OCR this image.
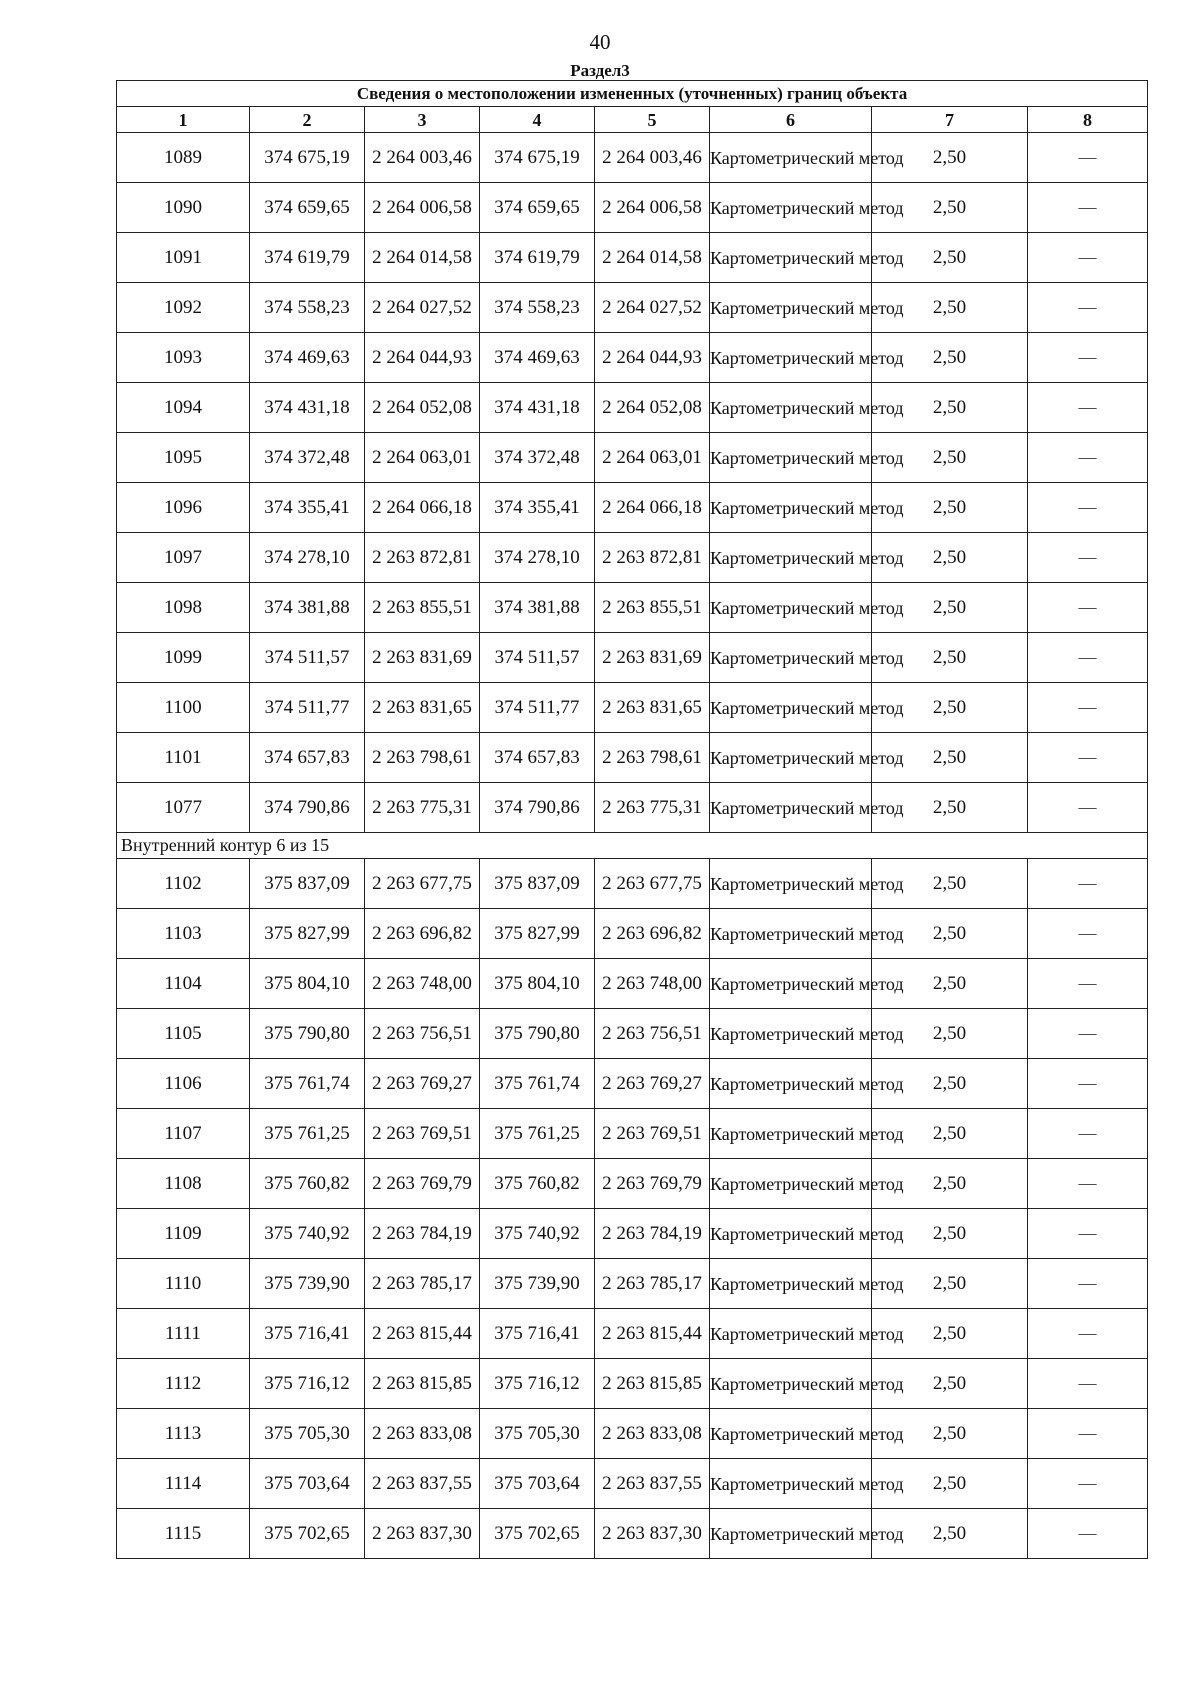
40
Раздел3
Сведения о местоположении измененных (уточненных) границ объекта							
1	2	3	4	5	6	7	8
1089	374 675,19	2 264 003,46	374 675,19	2 264 003,46	Картометрический метод	2,50	—
1090	374 659,65	2 264 006,58	374 659,65	2 264 006,58	Картометрический метод	2,50	—
1091	374 619,79	2 264 014,58	374 619,79	2 264 014,58	Картометрический метод	2,50	—
1092	374 558,23	2 264 027,52	374 558,23	2 264 027,52	Картометрический метод	2,50	—
1093	374 469,63	2 264 044,93	374 469,63	2 264 044,93	Картометрический метод	2,50	—
1094	374 431,18	2 264 052,08	374 431,18	2 264 052,08	Картометрический метод	2,50	—
1095	374 372,48	2 264 063,01	374 372,48	2 264 063,01	Картометрический метод	2,50	—
1096	374 355,41	2 264 066,18	374 355,41	2 264 066,18	Картометрический метод	2,50	—
1097	374 278,10	2 263 872,81	374 278,10	2 263 872,81	Картометрический метод	2,50	—
1098	374 381,88	2 263 855,51	374 381,88	2 263 855,51	Картометрический метод	2,50	—
1099	374 511,57	2 263 831,69	374 511,57	2 263 831,69	Картометрический метод	2,50	—
1100	374 511,77	2 263 831,65	374 511,77	2 263 831,65	Картометрический метод	2,50	—
1101	374 657,83	2 263 798,61	374 657,83	2 263 798,61	Картометрический метод	2,50	—
1077	374 790,86	2 263 775,31	374 790,86	2 263 775,31	Картометрический метод	2,50	—
Внутренний контур 6 из 15							
1102	375 837,09	2 263 677,75	375 837,09	2 263 677,75	Картометрический метод	2,50	—
1103	375 827,99	2 263 696,82	375 827,99	2 263 696,82	Картометрический метод	2,50	—
1104	375 804,10	2 263 748,00	375 804,10	2 263 748,00	Картометрический метод	2,50	—
1105	375 790,80	2 263 756,51	375 790,80	2 263 756,51	Картометрический метод	2,50	—
1106	375 761,74	2 263 769,27	375 761,74	2 263 769,27	Картометрический метод	2,50	—
1107	375 761,25	2 263 769,51	375 761,25	2 263 769,51	Картометрический метод	2,50	—
1108	375 760,82	2 263 769,79	375 760,82	2 263 769,79	Картометрический метод	2,50	—
1109	375 740,92	2 263 784,19	375 740,92	2 263 784,19	Картометрический метод	2,50	—
1110	375 739,90	2 263 785,17	375 739,90	2 263 785,17	Картометрический метод	2,50	—
1111	375 716,41	2 263 815,44	375 716,41	2 263 815,44	Картометрический метод	2,50	—
1112	375 716,12	2 263 815,85	375 716,12	2 263 815,85	Картометрический метод	2,50	—
1113	375 705,30	2 263 833,08	375 705,30	2 263 833,08	Картометрический метод	2,50	—
1114	375 703,64	2 263 837,55	375 703,64	2 263 837,55	Картометрический метод	2,50	—
1115	375 702,65	2 263 837,30	375 702,65	2 263 837,30	Картометрический метод	2,50	—
